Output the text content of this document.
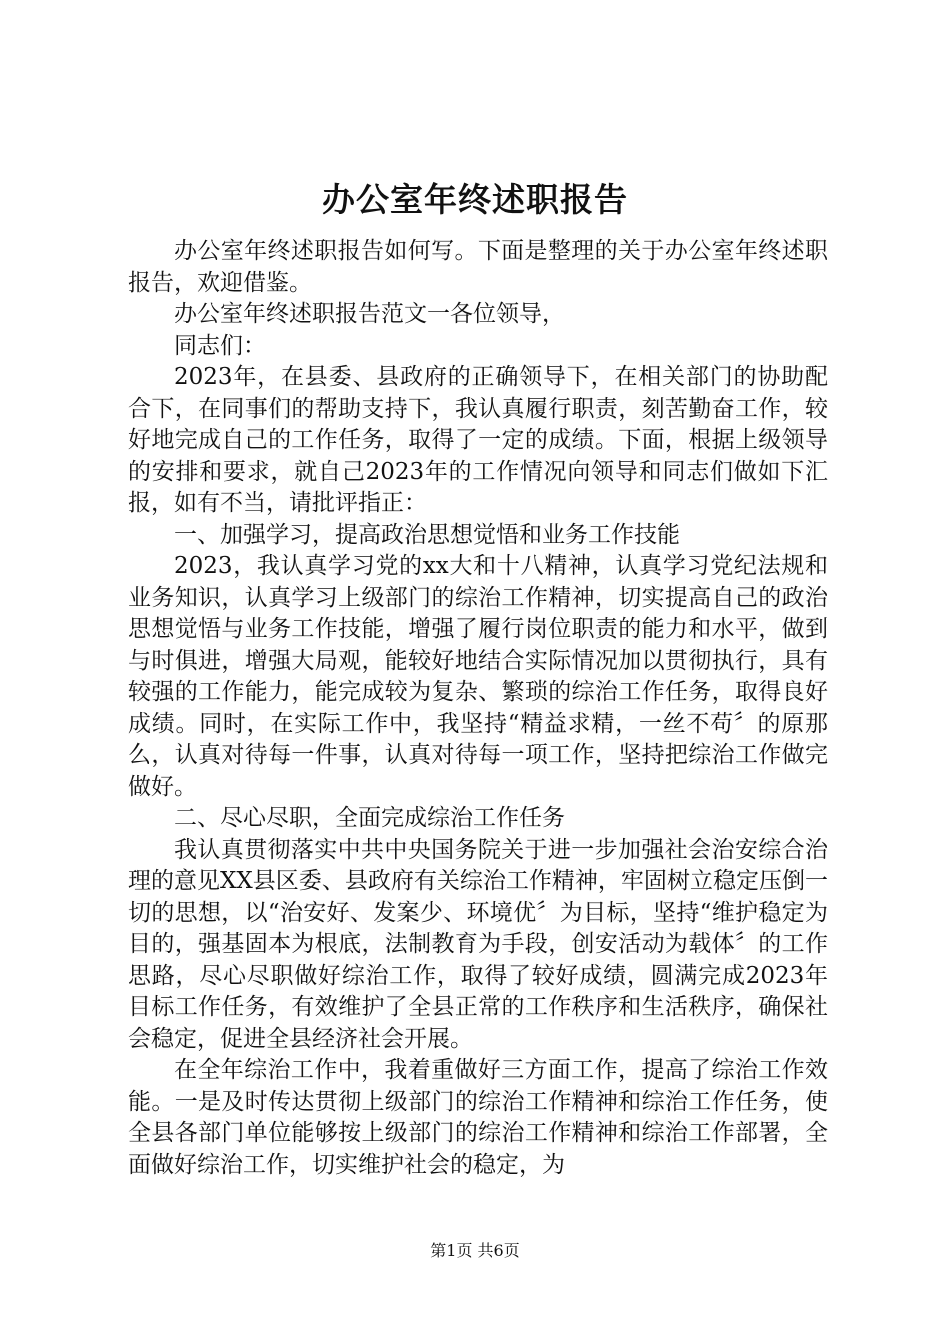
办公室年终述职报告

办公室年终述职报告如何写。下面是整理的关于办公室年终述职报告，欢迎借鉴。

办公室年终述职报告范文一各位领导，

同志们：

2023年，在县委、县政府的正确领导下，在相关部门的协助配合下，在同事们的帮助支持下，我认真履行职责，刻苦勤奋工作，较好地完成自己的工作任务，取得了一定的成绩。下面，根据上级领导的安排和要求，就自己2023年的工作情况向领导和同志们做如下汇报，如有不当，请批评指正：

一、加强学习，提高政治思想觉悟和业务工作技能

2023，我认真学习党的xx大和十八精神，认真学习党纪法规和业务知识，认真学习上级部门的综治工作精神，切实提高自己的政治思想觉悟与业务工作技能，增强了履行岗位职责的能力和水平，做到与时俱进，增强大局观，能较好地结合实际情况加以贯彻执行，具有较强的工作能力，能完成较为复杂、繁琐的综治工作任务，取得良好成绩。同时，在实际工作中，我坚持“精益求精，一丝不苟〞的原那么，认真对待每一件事，认真对待每一项工作，坚持把综治工作做完做好。

二、尽心尽职，全面完成综治工作任务

我认真贯彻落实中共中央国务院关于进一步加强社会治安综合治理的意见XX县区委、县政府有关综治工作精神，牢固树立稳定压倒一切的思想，以“治安好、发案少、环境优〞为目标，坚持“维护稳定为目的，强基固本为根底，法制教育为手段，创安活动为载体〞的工作思路，尽心尽职做好综治工作，取得了较好成绩，圆满完成2023年目标工作任务，有效维护了全县正常的工作秩序和生活秩序，确保社会稳定，促进全县经济社会开展。

在全年综治工作中，我着重做好三方面工作，提高了综治工作效能。一是及时传达贯彻上级部门的综治工作精神和综治工作任务，使全县各部门单位能够按上级部门的综治工作精神和综治工作部署，全面做好综治工作，切实维护社会的稳定，为

第1页 共6页
